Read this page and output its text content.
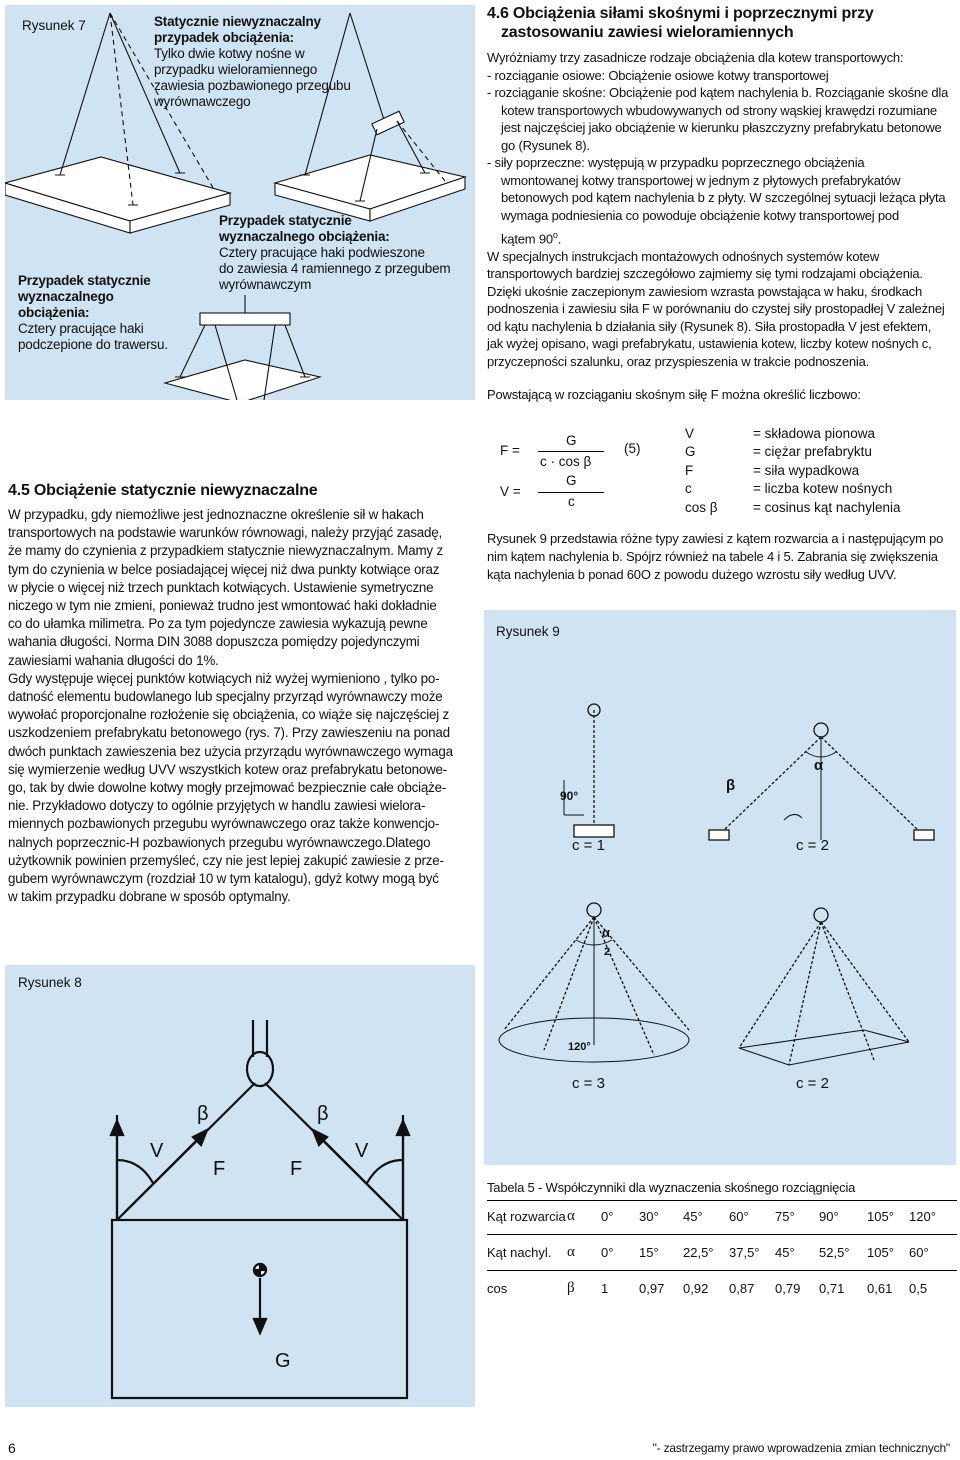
Rysunek 7	Statycznie niewyznaczalny
przypadek obciążenia:
Tylko dwie kotwy nośne w
przypadku wieloramiennego
zawiesia pozbawionego przegubu
wyrównawczego
Przypadek statycznie
wyznaczalnego obciążenia:
Cztery pracujące haki podwieszone
do zawiesia 4 ramiennego z przegubem
wyrównawczym
Przypadek statycznie
wyznaczalnego obciążenia:
Cztery pracujące haki
podczepione do trawersu.
4.6 Obciążenia siłami skośnymi i poprzecznymi przy
zastosowaniu zawiesi wieloramiennych

Wyróżniamy trzy zasadnicze rodzaje obciążenia dla kotew transportowych:

- rozciąganie osiowe: Obciążenie osiowe kotwy transportowej

- rozciąganie skośne: Obciążenie pod kątem nachylenia b. Rozciąganie skośne dla

kotew transportowych wbudowywanych od strony wąskiej krawędzi rozumiane

jest najczęściej jako obciążenie w kierunku płaszczyzny prefabrykatu betonowe

go (Rysunek 8).

- siły poprzeczne: występują w przypadku poprzecznego obciążenia

wmontowanej kotwy transportowej w jednym z płytowych prefabrykatów

betonowych pod kątem nachylenia b z płyty. W szczególnej sytuacji leżąca płyta

wymaga podniesienia co powoduje obciążenie kotwy transportowej pod

kątem 90$^o$.

W specjalnych instrukcjach montażowych odnośnych systemów kotew

transportowych bardziej szczegółowo zajmiemy się tymi rodzajami obciążenia.

Dzięki ukośnie zaczepionym zawiesiom wzrasta powstająca w haku, środkach

podnoszenia i zawiesiu siła F w porównaniu do czystej siły prostopadłej V zależnej

od kątu nachylenia b działania siły (Rysunek 8). Siła prostopadła V jest efektem,

jak wyżej opisano, wagi prefabrykatu, ustawienia kotew, liczby kotew nośnych c,

przyczepności szalunku, oraz przyspieszenia w trakcie podnoszenia.

Powstającą w rozciąganiu skośnym siłę F można określić liczbowo:
F =
G
c · cos β
(5)
V =
G
c
V	= składowa pionowa
G	= ciężar prefabryktu
F	= siła wypadkowa
c	= liczba kotew nośnych
cos β	= cosinus kąt nachylenia

Rysunek 9 przedstawia różne typy zawiesi z kątem rozwarcia a i następującym po

nim kątem nachylenia b. Spójrz również na tabele 4 i 5. Zabrania się zwiększenia

kąta nachylenia b ponad 60O z powodu dużego wzrostu siły według UVV.

Rysunek 9
90°
α
β
c = 1	c = 2
α
2
120°
c = 3	c = 2
Tabela 5 - Współczynniki dla wyznaczenia skośnego rozciągnięcia
Kąt rozwarcia	α	0°	30°	45°	60°	75°	90°	105°	120°
Kąt nachyl.	α	0°	15°	22,5°	37,5°	45°	52,5°	105°	60°
cos	β	1	0,97	0,92	0,87	0,79	0,71	0,61	0,5
4.5 Obciążenie statycznie niewyznaczalne

W przypadku, gdy niemożliwe jest jednoznaczne określenie sił w hakach

transportowych na podstawie warunków równowagi, należy przyjąć zasadę,

że mamy do czynienia z przypadkiem statycznie niewyznaczalnym. Mamy z

tym do czynienia w belce posiadającej więcej niż dwa punkty kotwiące oraz

w płycie o więcej niż trzech punktach kotwiących. Ustawienie symetryczne

niczego w tym nie zmieni, ponieważ trudno jest wmontować haki dokładnie

co do ułamka milimetra. Po za tym pojedyncze zawiesia wykazują pewne

wahania długości. Norma DIN 3088 dopuszcza pomiędzy pojedynczymi

zawiesiami wahania długości do 1%.

Gdy występuje więcej punktów kotwiących niż wyżej wymieniono , tylko po-

datność elementu budowlanego lub specjalny przyrząd wyrównawczy może

wywołać proporcjonalne rozłożenie się obciążenia, co wiąże się najczęściej z

uszkodzeniem prefabrykatu betonowego (rys. 7). Przy zawieszeniu na ponad

dwóch punktach zawieszenia bez użycia przyrządu wyrównawczego wymaga

się wymierzenie według UVV wszystkich kotew oraz prefabrykatu betonowe-

go, tak by dwie dowolne kotwy mogły przejmować bezpiecznie całe obciąże-

nie. Przykładowo dotyczy to ogólnie przyjętych w handlu zawiesi wielora-

miennych pozbawionych przegubu wyrównawczego oraz także konwencjo-

nalnych poprzecznic-H pozbawionych przegubu wyrównawczego.Dlatego

użytkownik powinien przemyśleć, czy nie jest lepiej zakupić zawiesie z prze-

gubem wyrównawczym (rozdział 10 w tym katalogu), gdyż kotwy mogą być

w takim przypadku dobrane w sposób optymalny.

Rysunek 8
V
β
F	F
β
V
G
6	"- zastrzegamy prawo wprowadzenia zmian technicznych"
